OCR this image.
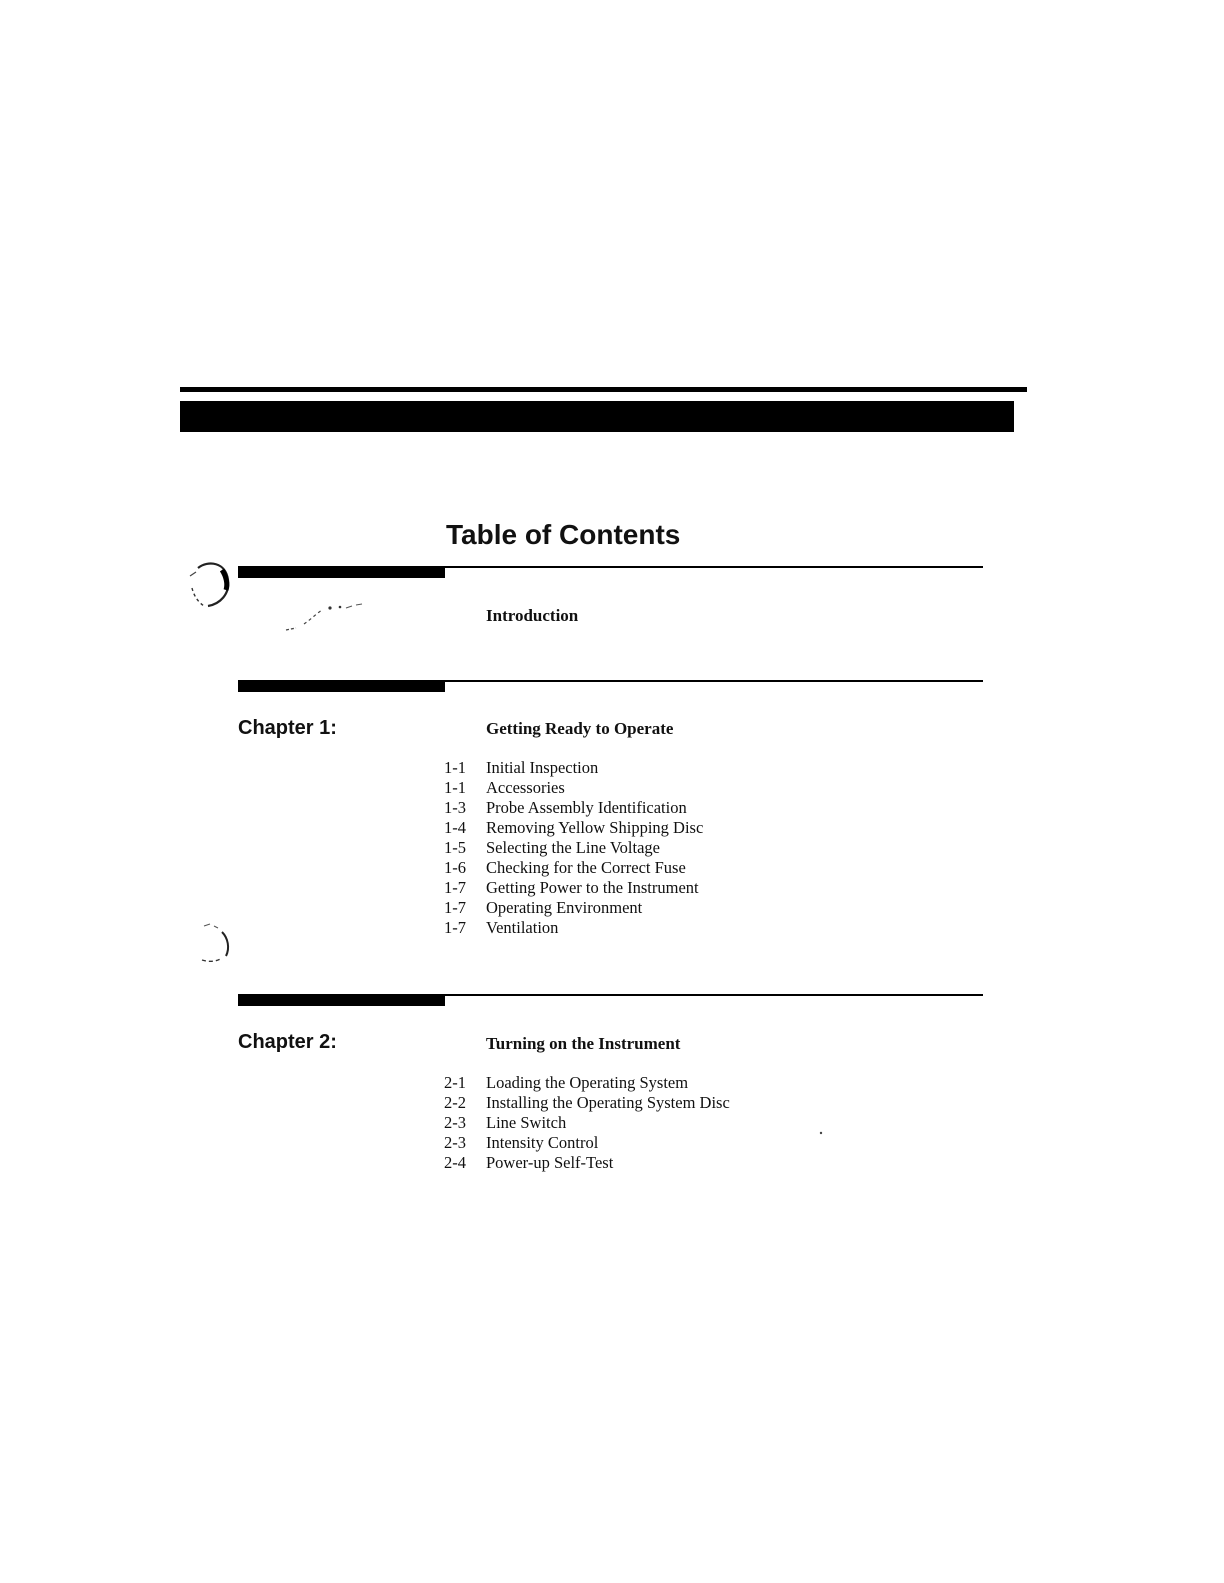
Table of Contents
Introduction

Chapter 1:	Getting Ready to Operate
1-1 Initial Inspection
1-1 Accessories
1-3 Probe Assembly Identification
1-4 Removing Yellow Shipping Disc
1-5 Selecting the Line Voltage
1-6 Checking for the Correct Fuse
1-7 Getting Power to the Instrument
1-7 Operating Environment
1-7 Ventilation

Chapter 2:	Turning on the Instrument
2-1 Loading the Operating System
2-2 Installing the Operating System Disc
2-3 Line Switch
2-3 Intensity Control
2-4 Power-up Self-Test
